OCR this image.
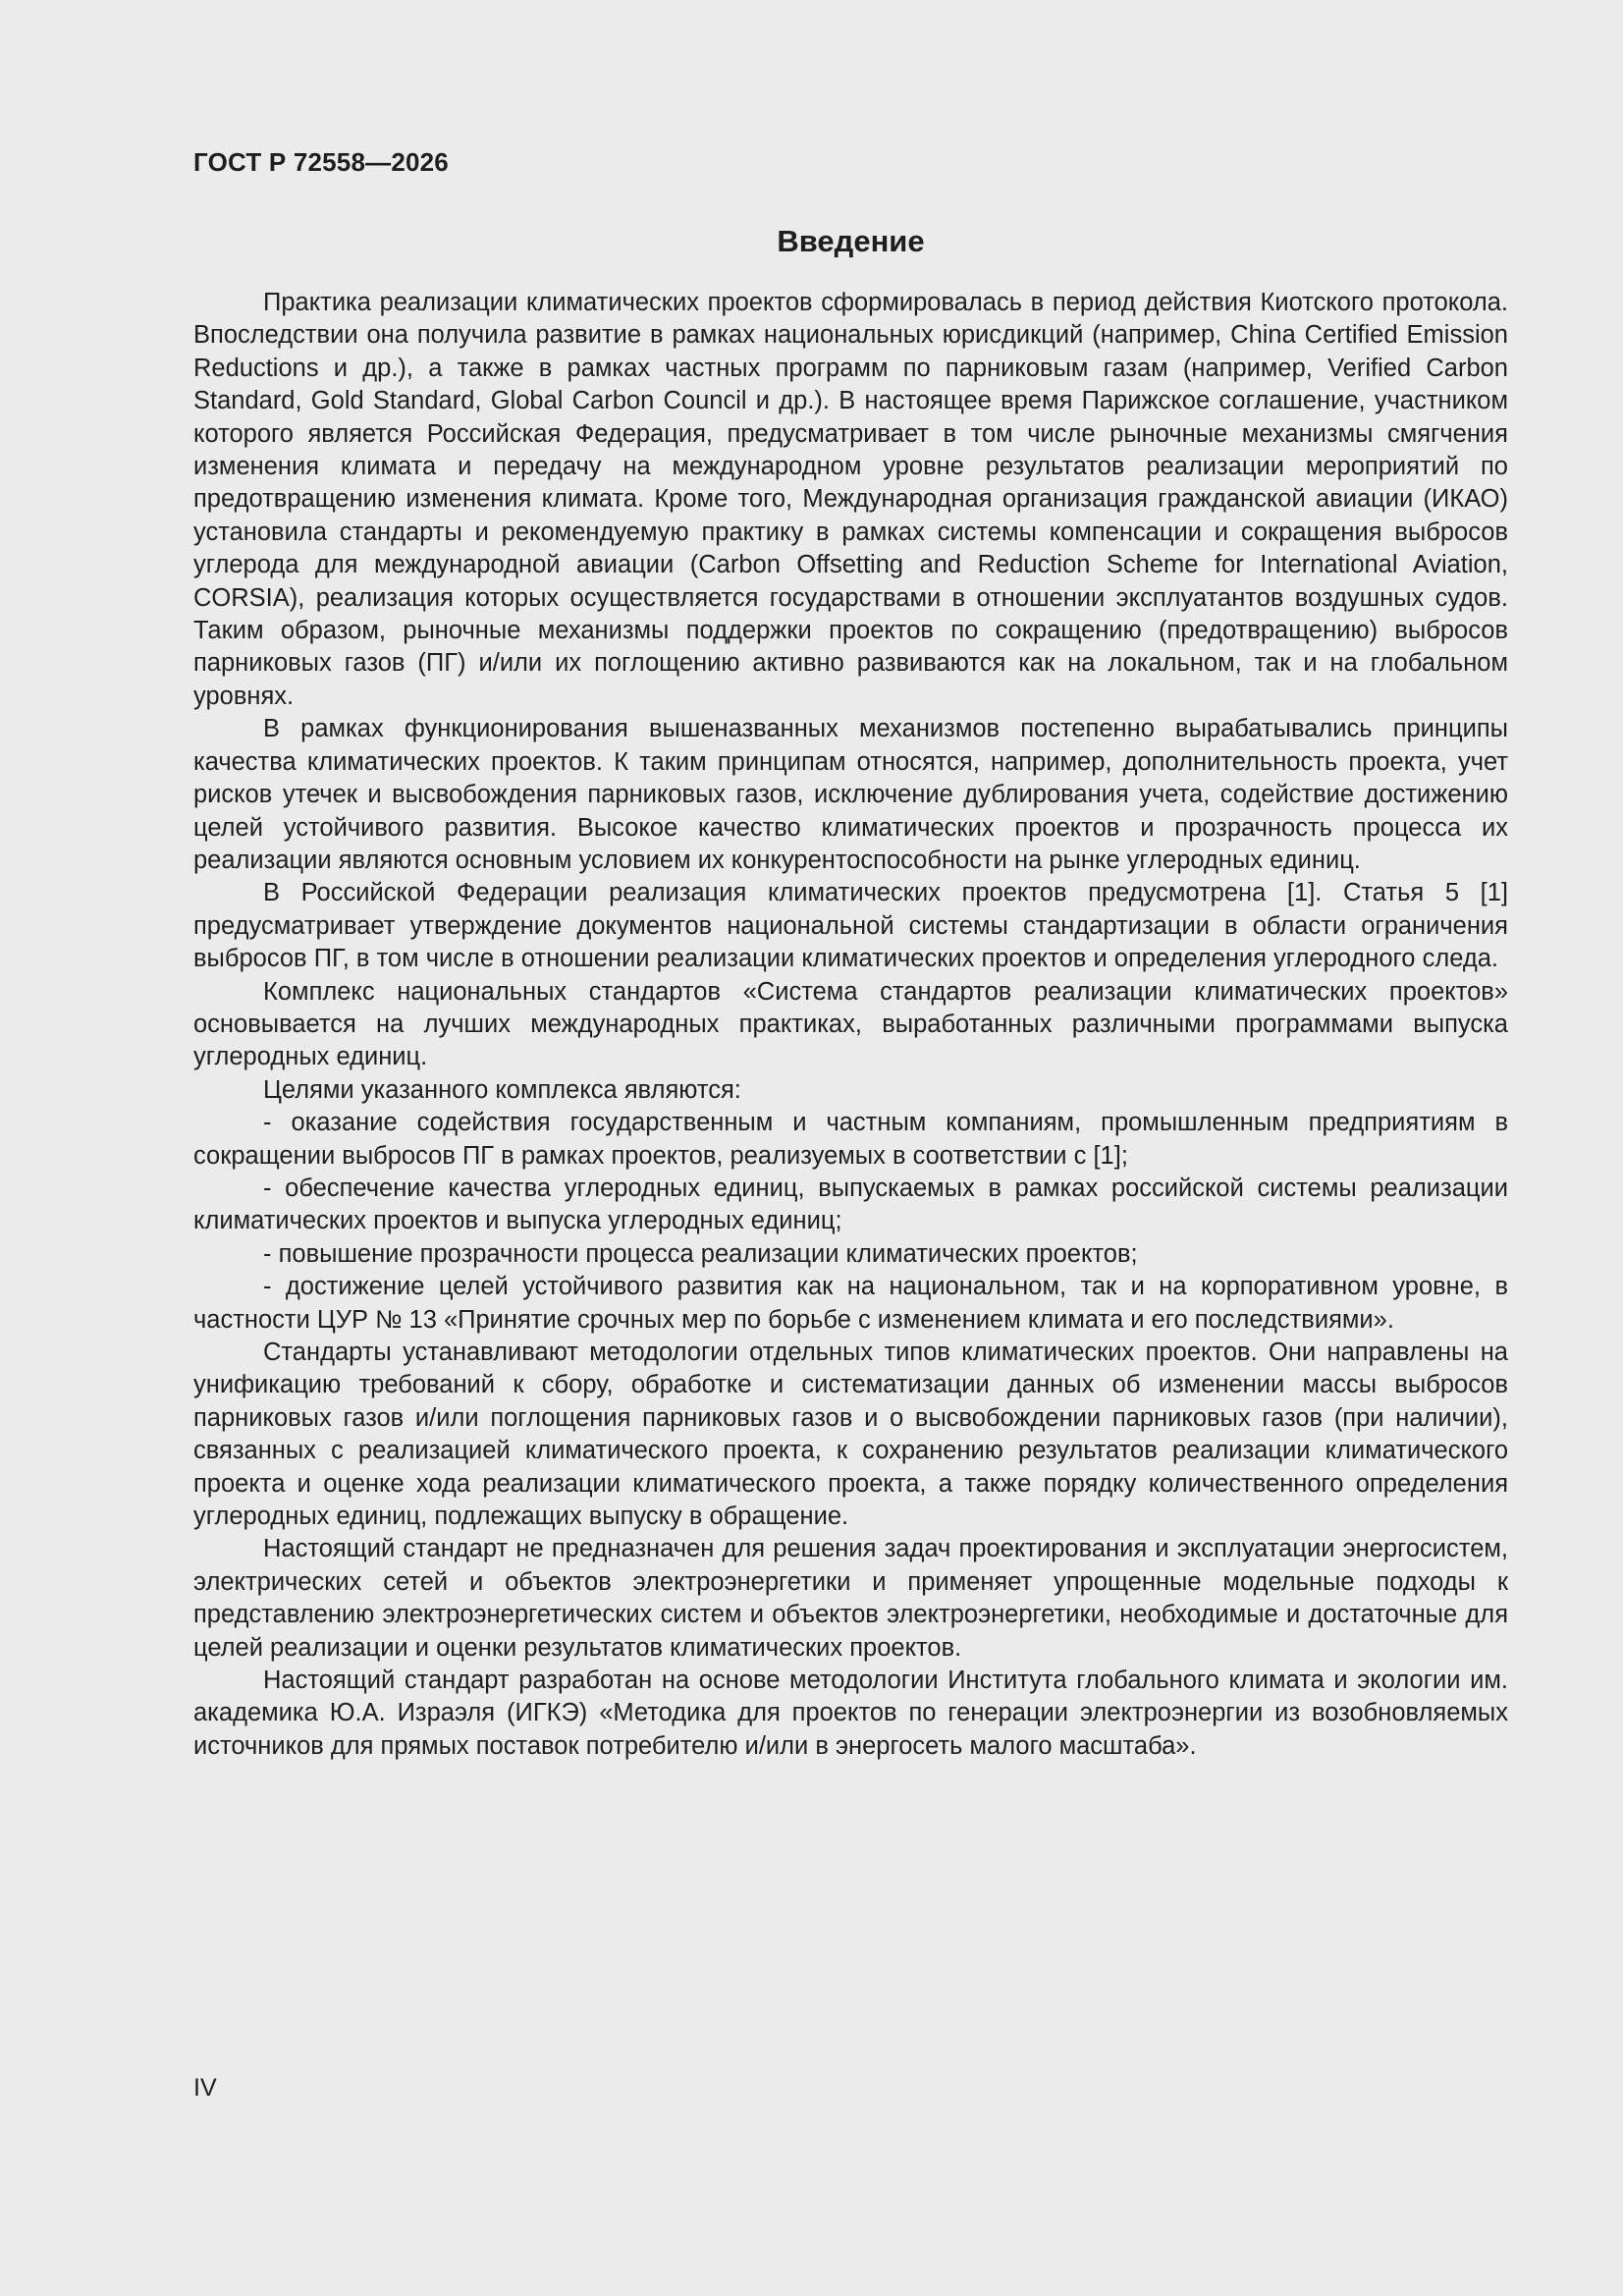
ГОСТ Р 72558—2026
Введение

Практика реализации климатических проектов сформировалась в период действия Киотского протокола. Впоследствии она получила развитие в рамках национальных юрисдикций (например, China Certified Emission Reductions и др.), а также в рамках частных программ по парниковым газам (например, Verified Carbon Standard, Gold Standard, Global Carbon Council и др.). В настоящее время Парижское соглашение, участником которого является Российская Федерация, предусматривает в том числе рыночные механизмы смягчения изменения климата и передачу на международном уровне результатов реализации мероприятий по предотвращению изменения климата. Кроме того, Международная организация гражданской авиации (ИКАО) установила стандарты и рекомендуемую практику в рамках системы компенсации и сокращения выбросов углерода для международной авиации (Carbon Offsetting and Reduction Scheme for International Aviation, CORSIA), реализация которых осуществляется государствами в отношении эксплуатантов воздушных судов. Таким образом, рыночные механизмы поддержки проектов по сокращению (предотвращению) выбросов парниковых газов (ПГ) и/или их поглощению активно развиваются как на локальном, так и на глобальном уровнях.

В рамках функционирования вышеназванных механизмов постепенно вырабатывались принципы качества климатических проектов. К таким принципам относятся, например, дополнительность проекта, учет рисков утечек и высвобождения парниковых газов, исключение дублирования учета, содействие достижению целей устойчивого развития. Высокое качество климатических проектов и прозрачность процесса их реализации являются основным условием их конкурентоспособности на рынке углеродных единиц.

В Российской Федерации реализация климатических проектов предусмотрена [1]. Статья 5 [1] предусматривает утверждение документов национальной системы стандартизации в области ограничения выбросов ПГ, в том числе в отношении реализации климатических проектов и определения углеродного следа.

Комплекс национальных стандартов «Система стандартов реализации климатических проектов» основывается на лучших международных практиках, выработанных различными программами выпуска углеродных единиц.

Целями указанного комплекса являются:

- оказание содействия государственным и частным компаниям, промышленным предприятиям в сокращении выбросов ПГ в рамках проектов, реализуемых в соответствии с [1];

- обеспечение качества углеродных единиц, выпускаемых в рамках российской системы реализации климатических проектов и выпуска углеродных единиц;

- повышение прозрачности процесса реализации климатических проектов;

- достижение целей устойчивого развития как на национальном, так и на корпоративном уровне, в частности ЦУР № 13 «Принятие срочных мер по борьбе с изменением климата и его последствиями».

Стандарты устанавливают методологии отдельных типов климатических проектов. Они направлены на унификацию требований к сбору, обработке и систематизации данных об изменении массы выбросов парниковых газов и/или поглощения парниковых газов и о высвобождении парниковых газов (при наличии), связанных с реализацией климатического проекта, к сохранению результатов реализации климатического проекта и оценке хода реализации климатического проекта, а также порядку количественного определения углеродных единиц, подлежащих выпуску в обращение.

Настоящий стандарт не предназначен для решения задач проектирования и эксплуатации энергосистем, электрических сетей и объектов электроэнергетики и применяет упрощенные модельные подходы к представлению электроэнергетических систем и объектов электроэнергетики, необходимые и достаточные для целей реализации и оценки результатов климатических проектов.

Настоящий стандарт разработан на основе методологии Института глобального климата и экологии им. академика Ю.А. Израэля (ИГКЭ) «Методика для проектов по генерации электроэнергии из возобновляемых источников для прямых поставок потребителю и/или в энергосеть малого масштаба».

IV
